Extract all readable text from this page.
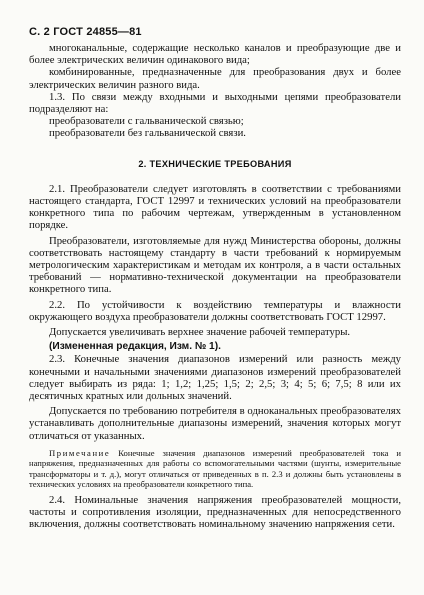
С. 2 ГОСТ 24855—81

многоканальные, содержащие несколько каналов и преобразующие две и более электрических величин одинакового вида;

комбинированные, предназначенные для преобразования двух и более электрических величин разного вида.

1.3. По связи между входными и выходными цепями преобразователи подразделяют на:

преобразователи с гальванической связью;

преобразователи без гальванической связи.

2. ТЕХНИЧЕСКИЕ ТРЕБОВАНИЯ

2.1. Преобразователи следует изготовлять в соответствии с требованиями настоящего стандарта, ГОСТ 12997 и технических условий на преобразователи конкретного типа по рабочим чертежам, утвержденным в установленном порядке.

Преобразователи, изготовляемые для нужд Министерства обороны, должны соответствовать настоящему стандарту в части требований к нормируемым метрологическим характеристикам и методам их контроля, а в части остальных требований — нормативно-технической документации на преобразователи конкретного типа.

2.2. По устойчивости к воздействию температуры и влажности окружающего воздуха преобразователи должны соответствовать ГОСТ 12997.

Допускается увеличивать верхнее значение рабочей температуры.

(Измененная редакция, Изм. № 1).

2.3. Конечные значения диапазонов измерений или разность между конечными и начальными значениями диапазонов измерений преобразователей следует выбирать из ряда: 1; 1,2; 1,25; 1,5; 2; 2,5; 3; 4; 5; 6; 7,5; 8 или их десятичных кратных или дольных значений.

Допускается по требованию потребителя в одноканальных преобразователях устанавливать дополнительные диапазоны измерений, значения которых могут отличаться от указанных.

Примечание Конечные значения диапазонов измерений преобразователей тока и напряжения, предназначенных для работы со вспомогательными частями (шунты, измерительные трансформаторы и т. д.), могут отличаться от приведенных в п. 2.3 и должны быть установлены в технических условиях на преобразователи конкретного типа.

2.4. Номинальные значения напряжения преобразователей мощности, частоты и сопротивления изоляции, предназначенных для непосредственного включения, должны соответствовать номинальному значению напряжения сети.
